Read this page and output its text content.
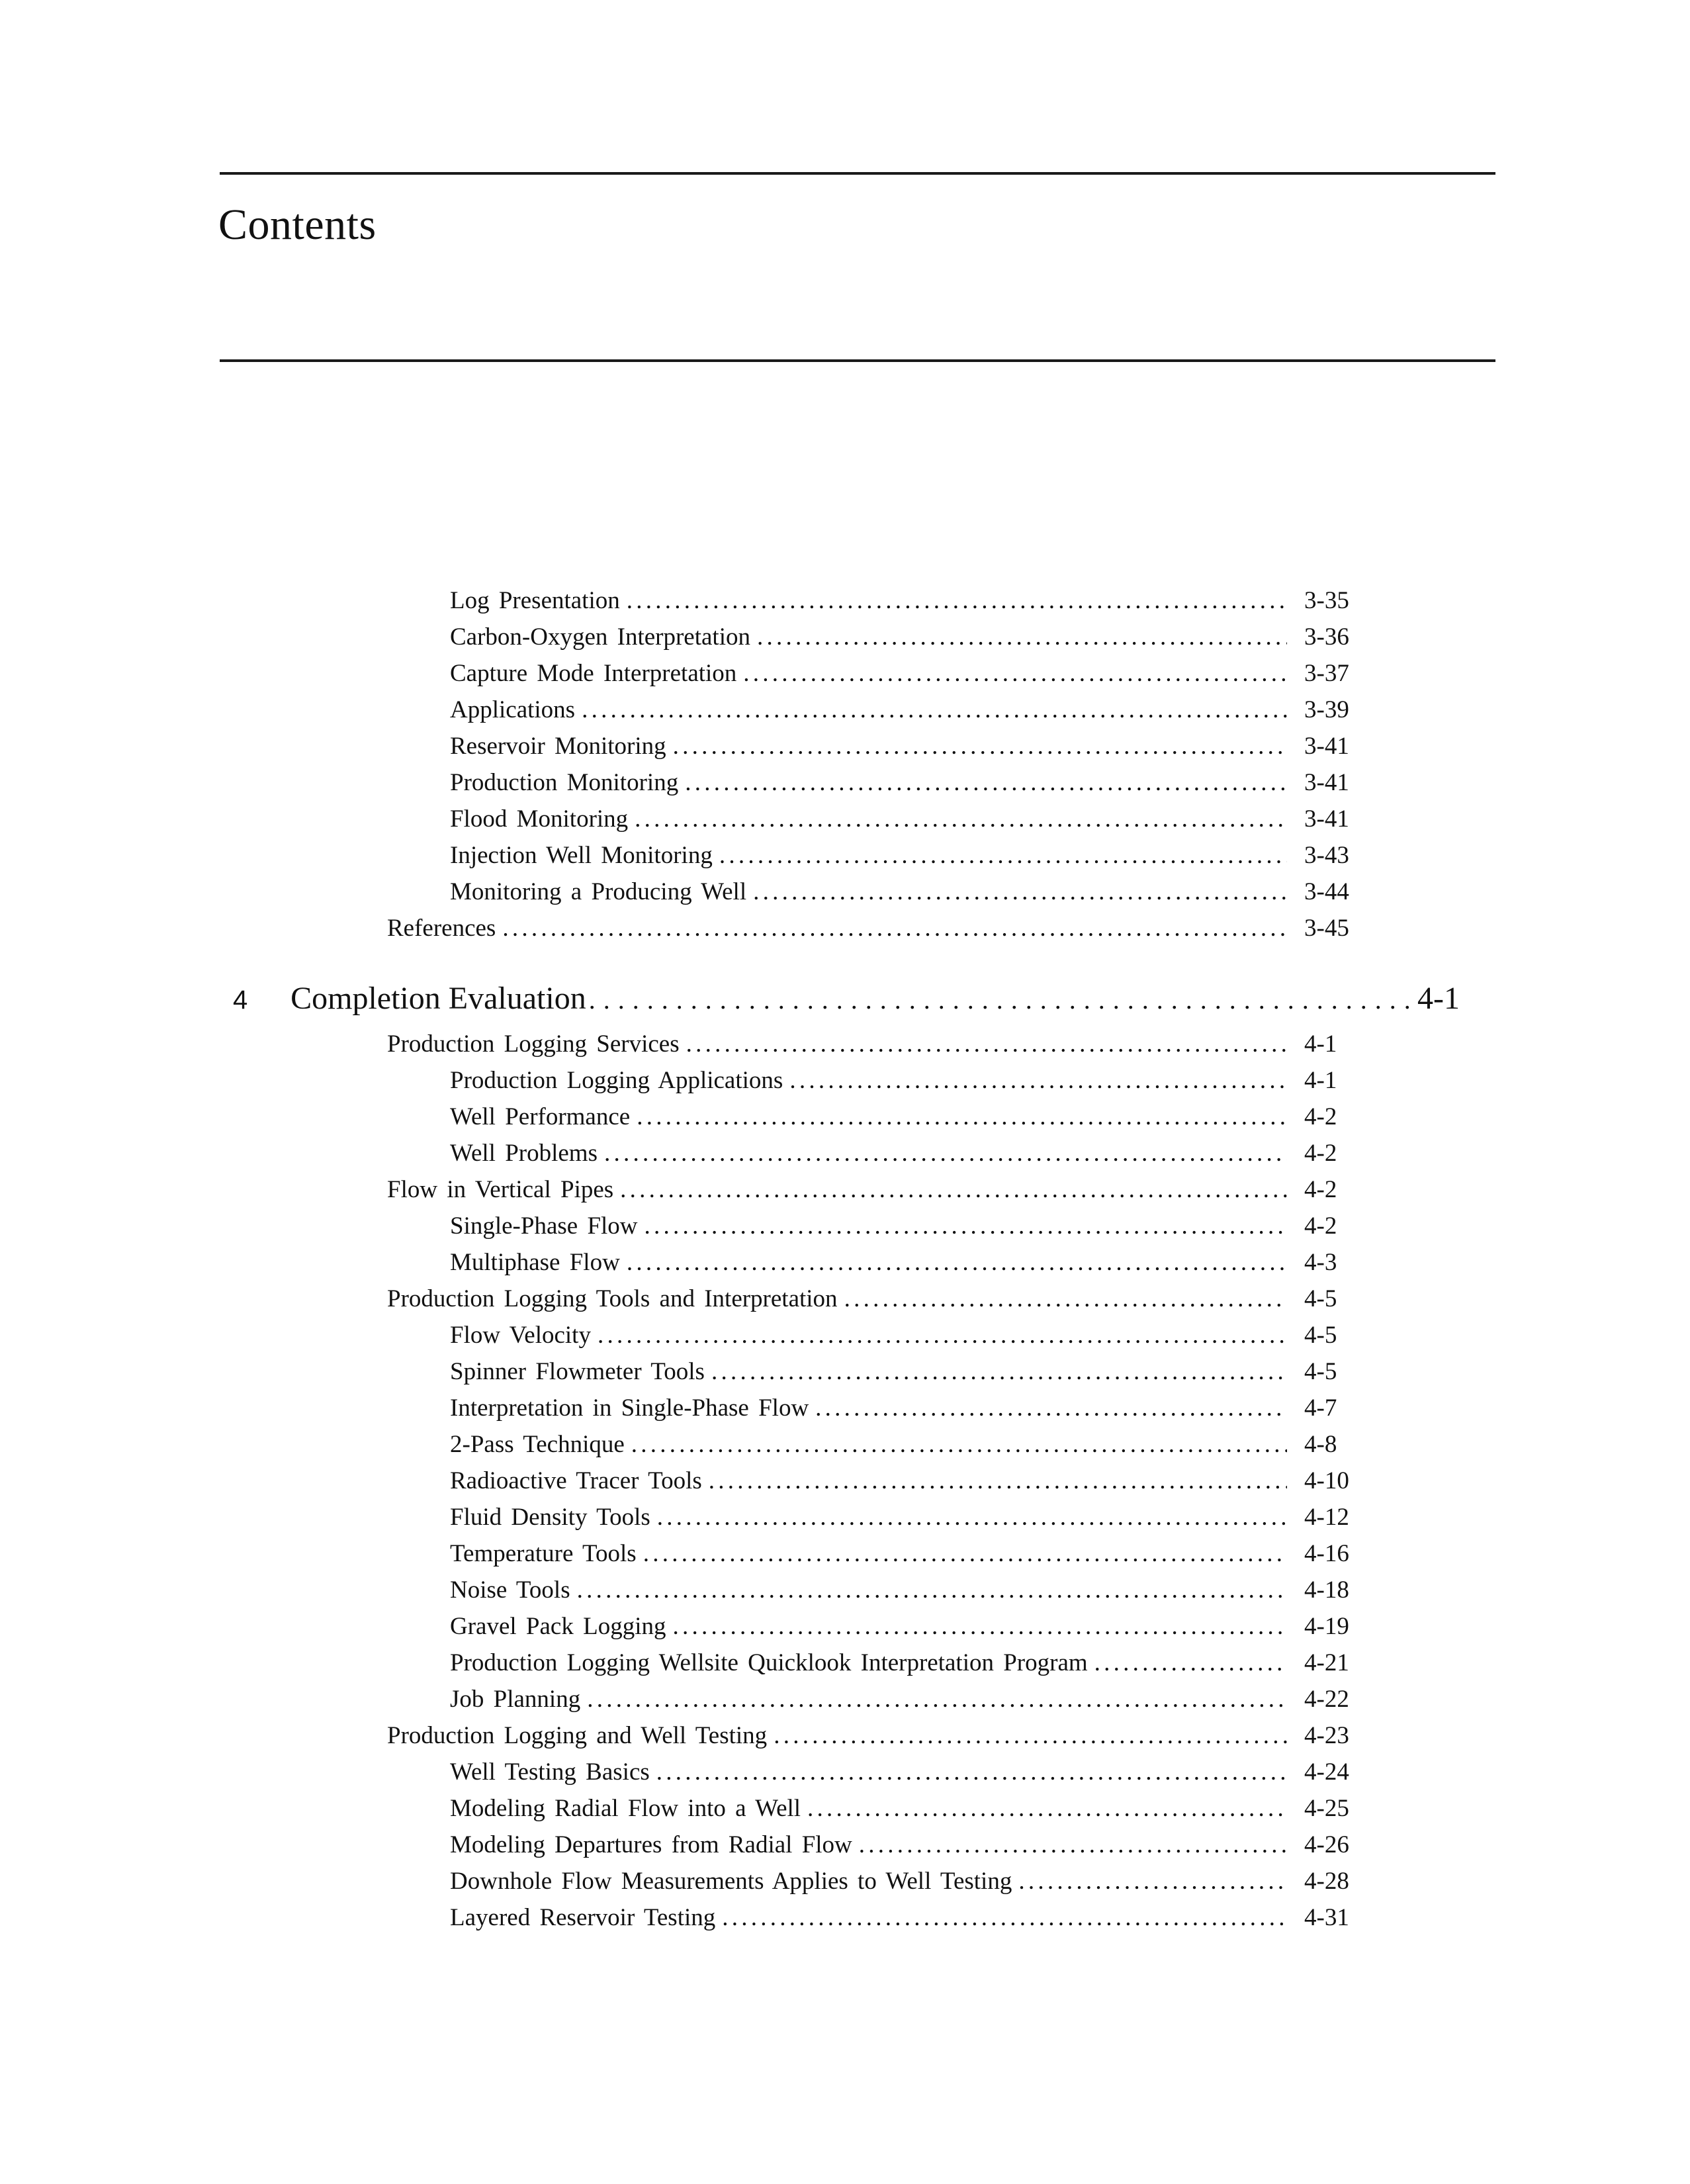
Contents
Log Presentation . . .	3-35
Carbon-Oxygen Interpretation . . .	3-36
Capture Mode Interpretation . . .	3-37
Applications . . .	3-39
Reservoir Monitoring . . .	3-41
Production Monitoring . . .	3-41
Flood Monitoring . . .	3-41
Injection Well Monitoring . . .	3-43
Monitoring a Producing Well . . .	3-44
References . . .	3-45
4	Completion Evaluation . . .	4-1
Production Logging Services . . .	4-1
Production Logging Applications . . .	4-1
Well Performance . . .	4-2
Well Problems . . .	4-2
Flow in Vertical Pipes . . .	4-2
Single-Phase Flow . . .	4-2
Multiphase Flow . . .	4-3
Production Logging Tools and Interpretation . . .	4-5
Flow Velocity . . .	4-5
Spinner Flowmeter Tools . . .	4-5
Interpretation in Single-Phase Flow . . .	4-7
2-Pass Technique . . .	4-8
Radioactive Tracer Tools . . .	4-10
Fluid Density Tools . . .	4-12
Temperature Tools . . .	4-16
Noise Tools . . .	4-18
Gravel Pack Logging . . .	4-19
Production Logging Wellsite Quicklook Interpretation Program . . .	4-21
Job Planning . . .	4-22
Production Logging and Well Testing . . .	4-23
Well Testing Basics . . .	4-24
Modeling Radial Flow into a Well . . .	4-25
Modeling Departures from Radial Flow . . .	4-26
Downhole Flow Measurements Applies to Well Testing . . .	4-28
Layered Reservoir Testing . . .	4-31
